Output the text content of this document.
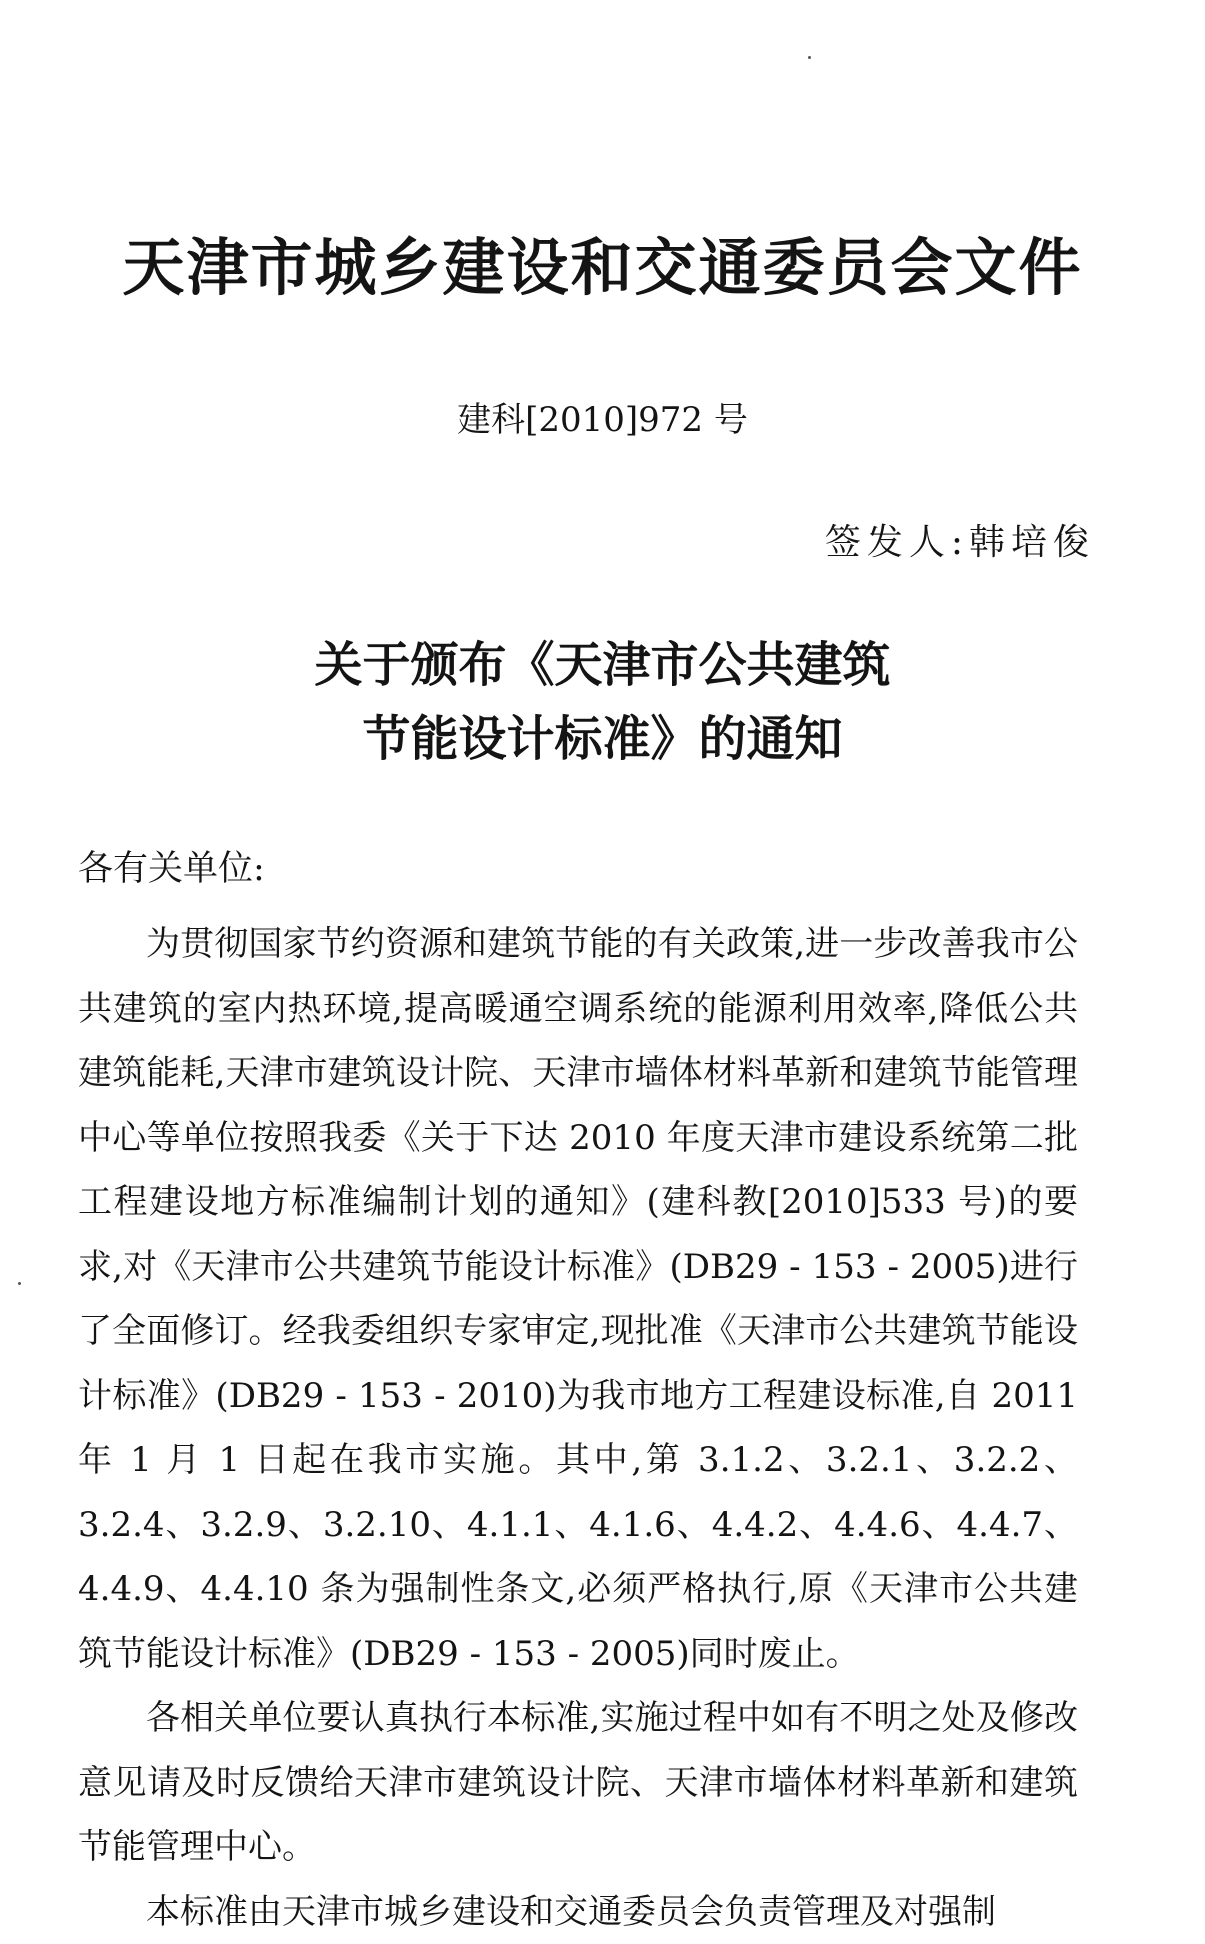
天津市城乡建设和交通委员会文件
建科[2010]972 号
签发人:韩培俊
关于颁布《天津市公共建筑
节能设计标准》的通知
各有关单位:

为贯彻国家节约资源和建筑节能的有关政策,进一步改善我市公共建筑的室内热环境,提高暖通空调系统的能源利用效率,降低公共建筑能耗,天津市建筑设计院、天津市墙体材料革新和建筑节能管理中心等单位按照我委《关于下达 2010 年度天津市建设系统第二批工程建设地方标准编制计划的通知》(建科教[2010]533 号)的要求,对《天津市公共建筑节能设计标准》(DB29 - 153 - 2005)进行了全面修订。经我委组织专家审定,现批准《天津市公共建筑节能设计标准》(DB29 - 153 - 2010)为我市地方工程建设标准,自 2011 年 1 月 1 日起在我市实施。其中,第 3.1.2、3.2.1、3.2.2、3.2.4、3.2.9、3.2.10、4.1.1、4.1.6、4.4.2、4.4.6、4.4.7、4.4.9、4.4.10 条为强制性条文,必须严格执行,原《天津市公共建筑节能设计标准》(DB29 - 153 - 2005)同时废止。

各相关单位要认真执行本标准,实施过程中如有不明之处及修改意见请及时反馈给天津市建筑设计院、天津市墙体材料革新和建筑节能管理中心。

本标准由天津市城乡建设和交通委员会负责管理及对强制
